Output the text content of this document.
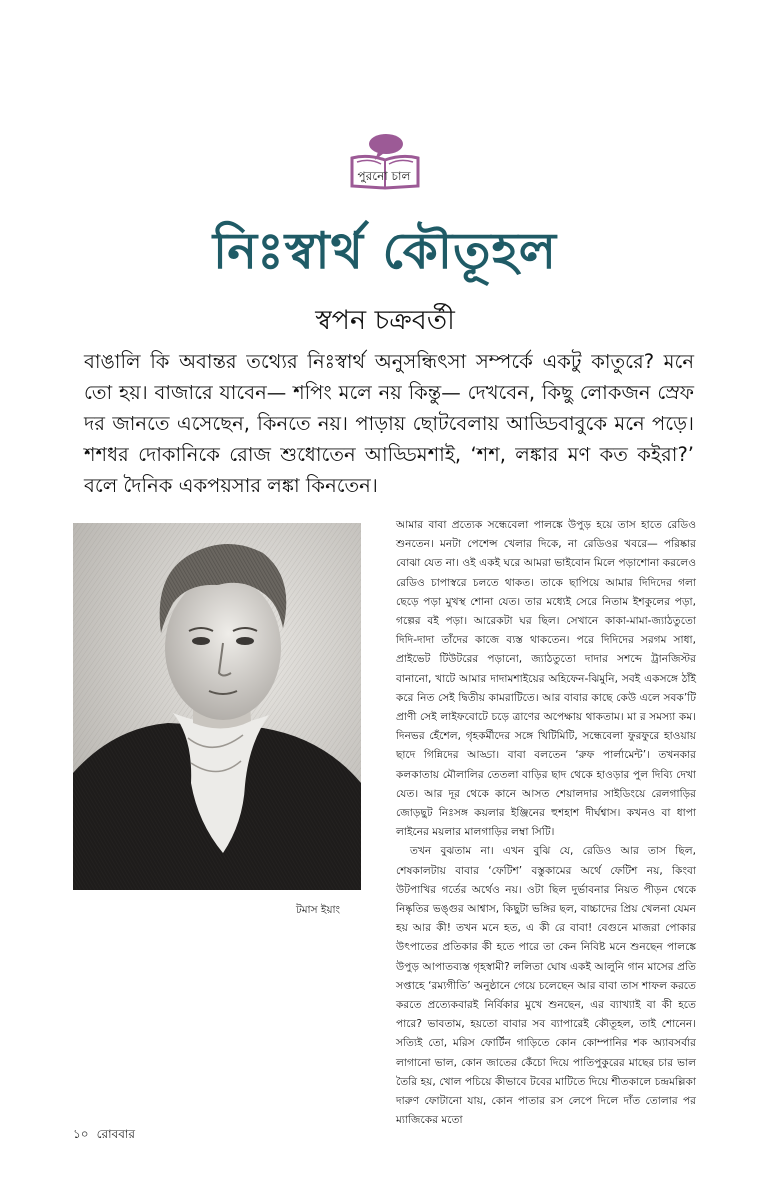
পুরনো চাল
নিঃস্বার্থ কৌতূহল
স্বপন চক্রবর্তী
বাঙালি কি অবান্তর তথ্যের নিঃস্বার্থ অনুসন্ধিৎসা সম্পর্কে একটু কাতুরে? মনে তো হয়। বাজারে যাবেন— শপিং মলে নয় কিন্তু— দেখবেন, কিছু লোকজন স্রেফ দর জানতে এসেছেন, কিনতে নয়। পাড়ায় ছোটবেলায় আড্ডিবাবুকে মনে পড়ে। শশধর দোকানিকে রোজ শুধোতেন আড্ডিমশাই, ‘শশ, লঙ্কার মণ কত কইরা?’ বলে দৈনিক একপয়সার লঙ্কা কিনতেন।
টমাস ইয়াং

আমার বাবা প্রত্যেক সন্ধেবেলা পালঙ্কে উপুড় হয়ে তাস হাতে রেডিও শুনতেন। মনটা পেশেন্স খেলার দিকে, না রেডিওর খবরে— পরিষ্কার বোঝা যেত না। ওই একই ঘরে আমরা ভাইবোন মিলে পড়াশোনা করলেও রেডিও চাপাস্বরে চলতে থাকত। তাকে ছাপিয়ে আমার দিদিদের গলা ছেড়ে পড়া মুখস্থ শোনা যেত। তার মধ্যেই সেরে নিতাম ইশকুলের পড়া, গল্পের বই পড়া। আরেকটা ঘর ছিল। সেখানে কাকা-মামা-জ্যাঠতুতো দিদি-দাদা তাঁদের কাজে ব্যস্ত থাকতেন। পরে দিদিদের সরগম সাধা, প্রাইভেট টিউটরের পড়ানো, জ্যাঠতুতো দাদার সশব্দে ট্রানজিস্টর বানানো, খাটে আমার দাদামশাইয়ের অহিফেন-ঝিমুনি, সবই একসঙ্গে ঠাঁই করে নিত সেই দ্বিতীয় কামরাটিতে। আর বাবার কাছে কেউ এলে সবক’টি প্রাণী সেই লাইফবোটে চড়ে ত্রাণের অপেক্ষায় থাকতাম। মা র সমস্যা কম। দিনভর হেঁশেল, গৃহকর্মীদের সঙ্গে খিটিমিটি, সন্ধেবেলা ফুরফুরে হাওয়ায় ছাদে গিন্নিদের আড্ডা। বাবা বলতেন ‘রুফ পার্লামেন্ট’। তখনকার কলকাতায় মৌলালির তেতলা বাড়ির ছাদ থেকে হাওড়ার পুল দিব্যি দেখা যেত। আর দূর থেকে কানে আসত শেয়ালদার সাইডিংয়ে রেলগাড়ির জোড়ছুট নিঃসঙ্গ কয়লার ইঞ্জিনের হুশহাশ দীর্ঘশ্বাস। কখনও বা ধাপা লাইনের ময়লার মালগাড়ির লম্বা সিটি।

তখন বুঝতাম না। এখন বুঝি যে, রেডিও আর তাস ছিল, শেষকালটায় বাবার ‘ফেটিশ’ বস্তুকামের অর্থে ফেটিশ নয়, কিংবা উটপাখির গর্তের অর্থেও নয়। ওটা ছিল দুর্ভাবনার নিয়ত পীড়ন থেকে নিষ্কৃতির ভঙ্গুর আশ্বাস, কিছুটা ভঙ্গির ছল, বাচ্চাদের প্রিয় খেলনা যেমন হয় আর কী! তখন মনে হত, এ কী রে বাবা! বেগুনে মাজরা পোকার উৎপাতের প্রতিকার কী হতে পারে তা কেন নিবিষ্ট মনে শুনছেন পালঙ্কে উপুড় আপাতব্যস্ত গৃহস্বামী? ললিতা ঘোষ একই আলুনি গান মাসের প্রতি সপ্তাহে ‘রম্যগীতি’ অনুষ্ঠানে গেয়ে চলেছেন আর বাবা তাস শাফল করতে করতে প্রত্যেকবারই নির্বিকার মুখে শুনছেন, এর ব্যাখ্যাই বা কী হতে পারে? ভাবতাম, হয়তো বাবার সব ব্যাপারেই কৌতূহল, তাই শোনেন। সত্যিই তো, মরিস ফোর্টিন গাড়িতে কোন কোম্পানির শক অ্যাবসর্বার লাগানো ভাল, কোন জাতের কেঁচো দিয়ে পাতিপুকুরের মাছের চার ভাল তৈরি হয়, খোল পচিয়ে কীভাবে টবের মাটিতে দিয়ে শীতকালে চন্দ্রমল্লিকা দারুণ ফোটানো যায়, কোন পাতার রস লেপে দিলে দাঁত তোলার পর ম্যাজিকের মতো

১০ রোববার
